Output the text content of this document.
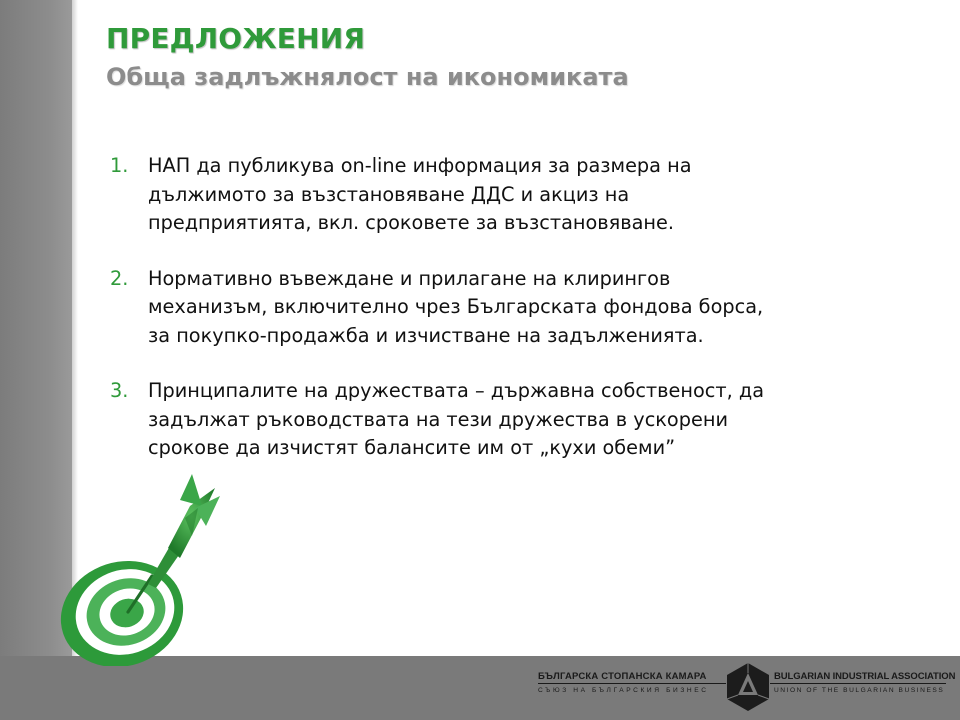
ПРЕДЛОЖЕНИЯ
Обща задлъжнялост на икономиката
1. НАП да публикува on-line информация за размера на
дължимото за възстановяване ДДС и акциз на
предприятията, вкл. сроковете за възстановяване.
2. Нормативно въвеждане и прилагане на клирингов
механизъм, включително чрез Българската фондова борса,
за покупко-продажба и изчистване на задълженията.
3. Принципалите на дружествата – държавна собственост, да
задължат ръководствата на тези дружества в ускорени
срокове да изчистят балансите им от „кухи обеми”
БЪЛГАРСКА СТОПАНСКА КАМАРА
СЪЮЗ НА БЪЛГАРСКИЯ БИЗНЕС
BULGARIAN INDUSTRIAL ASSOCIATION
UNION OF THE BULGARIAN BUSINESS
